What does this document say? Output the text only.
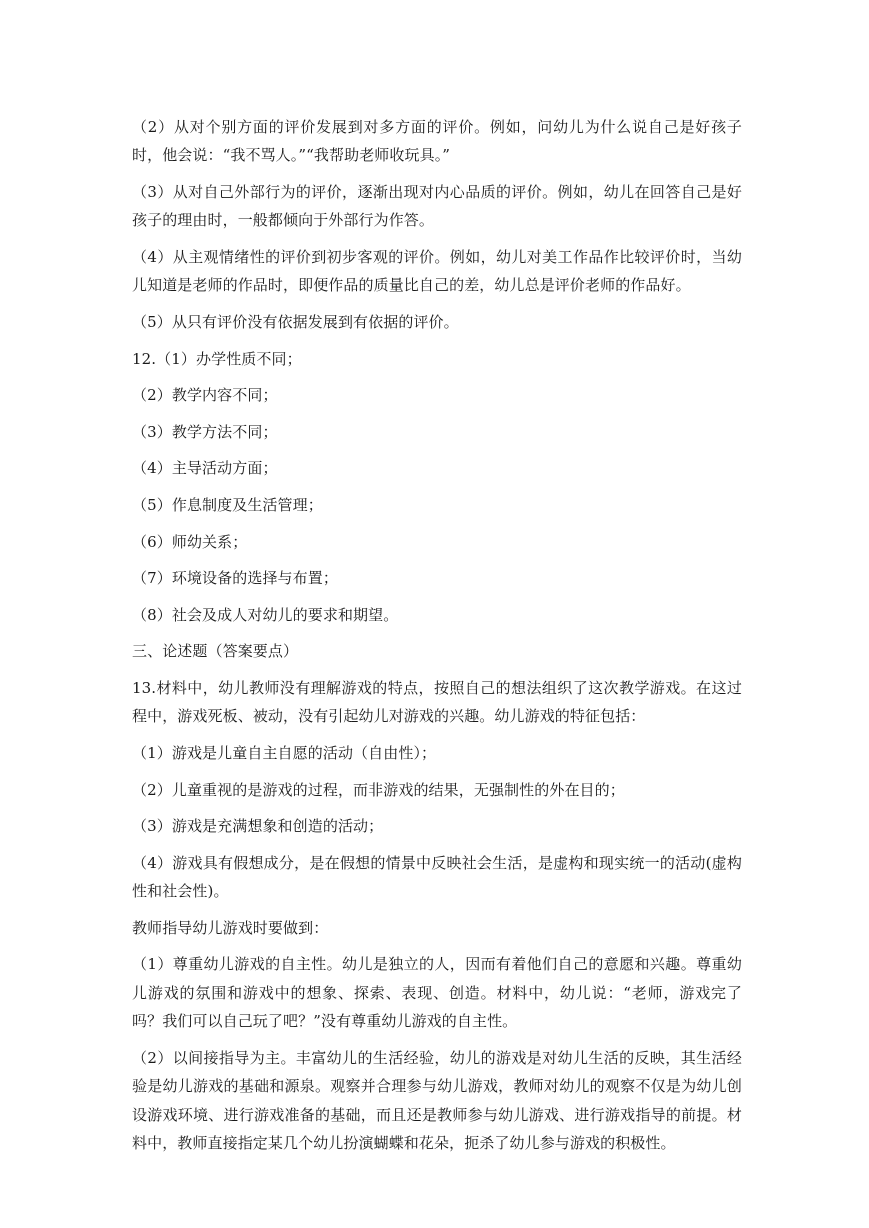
（2）从对个别方面的评价发展到对多方面的评价。例如，问幼儿为什么说自己是好孩子时，他会说：“我不骂人。”“我帮助老师收玩具。”

（3）从对自己外部行为的评价，逐渐出现对内心品质的评价。例如，幼儿在回答自己是好孩子的理由时，一般都倾向于外部行为作答。

（4）从主观情绪性的评价到初步客观的评价。例如，幼儿对美工作品作比较评价时，当幼儿知道是老师的作品时，即便作品的质量比自己的差，幼儿总是评价老师的作品好。

（5）从只有评价没有依据发展到有依据的评价。

12.（1）办学性质不同；

（2）教学内容不同；

（3）教学方法不同；

（4）主导活动方面；

（5）作息制度及生活管理；

（6）师幼关系；

（7）环境设备的选择与布置；

（8）社会及成人对幼儿的要求和期望。

三、论述题（答案要点）

13.材料中，幼儿教师没有理解游戏的特点，按照自己的想法组织了这次教学游戏。在这过程中，游戏死板、被动，没有引起幼儿对游戏的兴趣。幼儿游戏的特征包括：

（1）游戏是儿童自主自愿的活动（自由性）；

（2）儿童重视的是游戏的过程，而非游戏的结果，无强制性的外在目的；

（3）游戏是充满想象和创造的活动；

（4）游戏具有假想成分，是在假想的情景中反映社会生活，是虚构和现实统一的活动(虚构性和社会性)。

教师指导幼儿游戏时要做到：

（1）尊重幼儿游戏的自主性。幼儿是独立的人，因而有着他们自己的意愿和兴趣。尊重幼儿游戏的氛围和游戏中的想象、探索、表现、创造。材料中，幼儿说：“老师，游戏完了吗？我们可以自己玩了吧？”没有尊重幼儿游戏的自主性。

（2）以间接指导为主。丰富幼儿的生活经验，幼儿的游戏是对幼儿生活的反映，其生活经验是幼儿游戏的基础和源泉。观察并合理参与幼儿游戏，教师对幼儿的观察不仅是为幼儿创设游戏环境、进行游戏准备的基础，而且还是教师参与幼儿游戏、进行游戏指导的前提。材料中，教师直接指定某几个幼儿扮演蝴蝶和花朵，扼杀了幼儿参与游戏的积极性。
